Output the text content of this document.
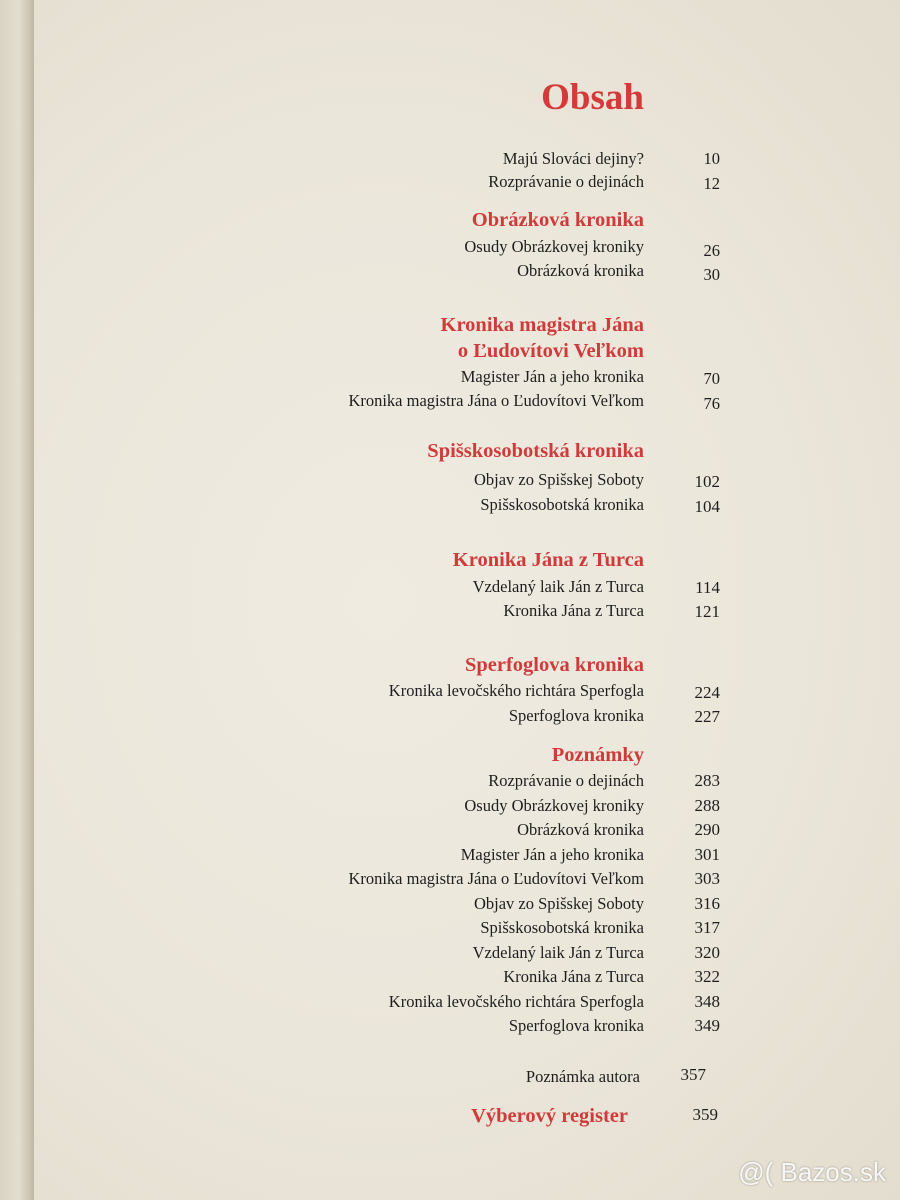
Obsah
Majú Slováci dejiny?	10
Rozprávanie o dejinách	12
Obrázková kronika
Osudy Obrázkovej kroniky	26
Obrázková kronika	30
Kronika magistra Jána
o Ľudovítovi Veľkom
Magister Ján a jeho kronika	70
Kronika magistra Jána o Ľudovítovi Veľkom	76
Spišskosobotská kronika
Objav zo Spišskej Soboty	102
Spišskosobotská kronika	104
Kronika Jána z Turca
Vzdelaný laik Ján z Turca	114
Kronika Jána z Turca	121
Sperfoglova kronika
Kronika levočského richtára Sperfogla	224
Sperfoglova kronika	227
Poznámky
Rozprávanie o dejinách	283
Osudy Obrázkovej kroniky	288
Obrázková kronika	290
Magister Ján a jeho kronika	301
Kronika magistra Jána o Ľudovítovi Veľkom	303
Objav zo Spišskej Soboty	316
Spišskosobotská kronika	317
Vzdelaný laik Ján z Turca	320
Kronika Jána z Turca	322
Kronika levočského richtára Sperfogla	348
Sperfoglova kronika	349
Poznámka autora	357
Výberový register	359
@( Bazos.sk
